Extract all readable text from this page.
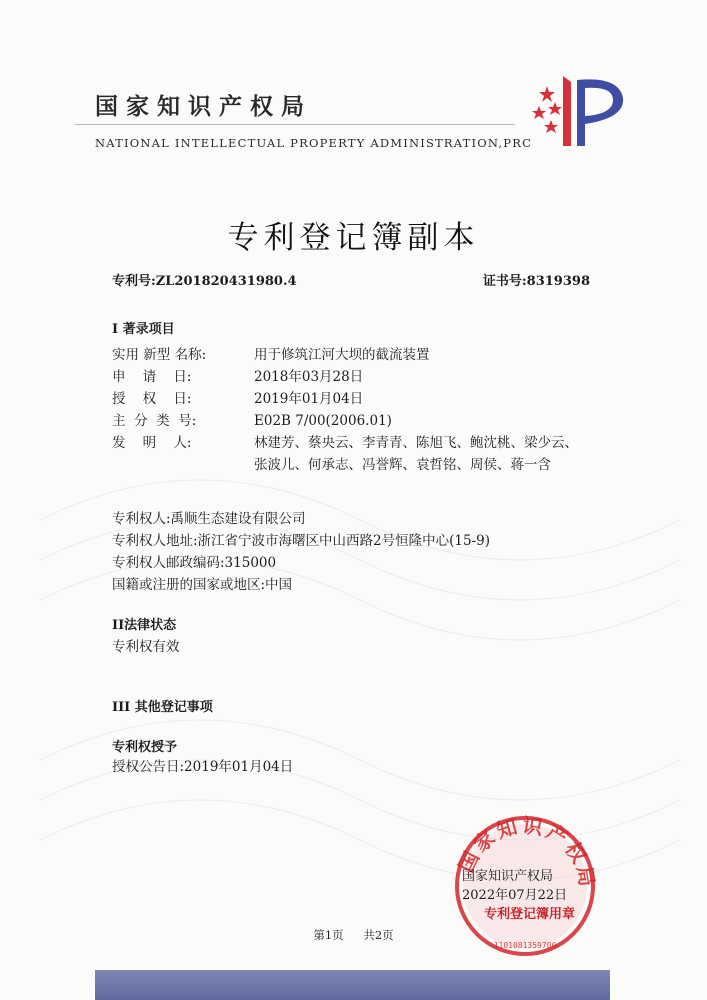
国家知识产权局
NATIONAL INTELLECTUAL PROPERTY ADMINISTRATION,PRC
专利登记簿副本
专利号:ZL201820431980.4	证书号:8319398
I 著录项目
实用 新型 名称:	用于修筑江河大坝的截流装置
申    请    日:	2018年03月28日
授    权    日:	2019年01月04日
主  分  类  号:	E02B 7/00(2006.01)
发    明    人:	林建芳、蔡央云、李青青、陈旭飞、鲍沈桃、梁少云、张波儿、何承志、冯誉辉、袁哲铭、周侯、蒋一含
专利权人:禹顺生态建设有限公司
专利权人地址:浙江省宁波市海曙区中山西路2号恒隆中心(15-9)
专利权人邮政编码:315000
国籍或注册的国家或地区:中国
II法律状态
专利权有效
III 其他登记事项
专利权授予
授权公告日:2019年01月04日
国家知识产权局
1101081359700
国家知识产权局
2022年07月22日
专利登记簿用章
第1页 共2页
